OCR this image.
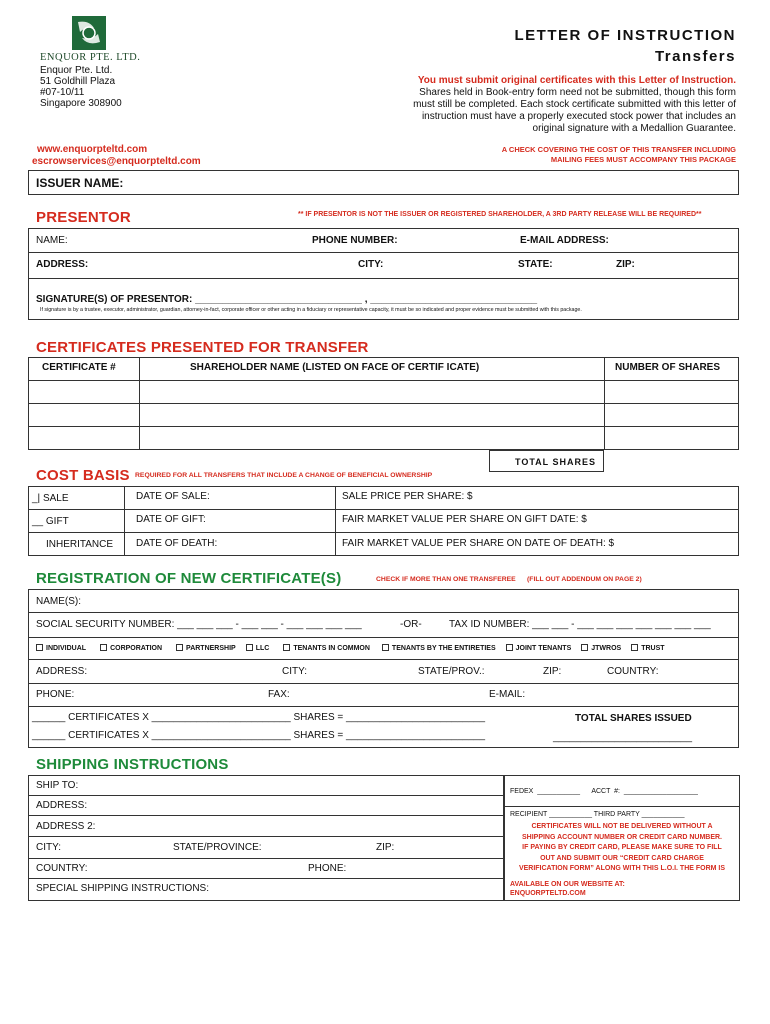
ENQUOR PTE. LTD.
Enquor Pte. Ltd.
51 Goldhill Plaza
#07-10/11
Singapore 308900
www.enquorpteltd.com
escrowservices@enquorpteltd.com
LETTER OF INSTRUCTION
Transfers
You must submit original certificates with this Letter of Instruction.
Shares held in Book-entry form need not be submitted, though this form
must still be completed. Each stock certificate submitted with this letter of
instruction must have a properly executed stock power that includes an
original signature with a Medallion Guarantee.
A CHECK COVERING THE COST OF THIS TRANSFER INCLUDING
MAILING FEES MUST ACCOMPANY THIS PACKAGE
ISSUER NAME:
PRESENTOR	** IF PRESENTOR IS NOT THE ISSUER OR REGISTERED SHAREHOLDER, A 3RD PARTY RELEASE WILL BE REQUIRED**
NAME:	PHONE NUMBER:	E-MAIL ADDRESS:
ADDRESS:	CITY:	STATE:	ZIP:
SIGNATURE(S) OF PRESENTOR: ______________________________ , ______________________________
If signature is by a trustee, executor, administrator, guardian, attorney-in-fact, corporate officer or other acting in a fiduciary or representative capacity, it must be so indicated and proper evidence must be submitted with this package.
CERTIFICATES PRESENTED FOR TRANSFER
CERTIFICATE #	SHAREHOLDER NAME (LISTED ON FACE OF CERTIF ICATE)	NUMBER OF SHARES
TOTAL SHARES
COST BASIS REQUIRED FOR ALL TRANSFERS THAT INCLUDE A CHANGE OF BENEFICIAL OWNERSHIP
_| SALE	DATE OF SALE:	SALE PRICE PER SHARE: $
__ GIFT	DATE OF GIFT:	FAIR MARKET VALUE PER SHARE ON GIFT DATE: $
INHERITANCE DATE OF DEATH:	FAIR MARKET VALUE PER SHARE ON DATE OF DEATH: $
REGISTRATION OF NEW CERTIFICATE(S)	CHECK IF MORE THAN ONE TRANSFEREE      (FILL OUT ADDENDUM ON PAGE 2)
NAME(S):
SOCIAL SECURITY NUMBER: ___ ___ ___ - ___ ___ - ___ ___ ___ ___	-OR-	TAX ID NUMBER: ___ ___ - ___ ___ ___ ___ ___ ___ ___
INDIVIDUAL	CORPORATION	PARTNERSHIP	LLC	TENANTS IN COMMON	TENANTS BY THE ENTIRETIES	JOINT TENANTS	JTWROS	TRUST
ADDRESS:	CITY:	STATE/PROV.:	ZIP:	COUNTRY:
PHONE:	FAX:	E-MAIL:
______ CERTIFICATES X _________________________ SHARES = _________________________
______ CERTIFICATES X _________________________ SHARES = _________________________
TOTAL SHARES ISSUED
_________________________
SHIPPING INSTRUCTIONS
SHIP TO:
ADDRESS:
ADDRESS 2:
CITY:	STATE/PROVINCE:	ZIP:
COUNTRY:	PHONE:
SPECIAL SHIPPING INSTRUCTIONS:
FEDEX  ___________      ACCT  #:  ___________________
RECIPIENT ___________ THIRD PARTY ___________
CERTIFICATES WILL NOT BE DELIVERED WITHOUT A
SHIPPING ACCOUNT NUMBER OR CREDIT CARD NUMBER.
IF PAYING BY CREDIT CARD, PLEASE MAKE SURE TO FILL
OUT AND SUBMIT OUR “CREDIT CARD CHARGE
VERIFICATION FORM” ALONG WITH THIS L.O.I. THE FORM IS
AVAILABLE ON OUR WEBSITE AT:
ENQUORPTELTD.COM
